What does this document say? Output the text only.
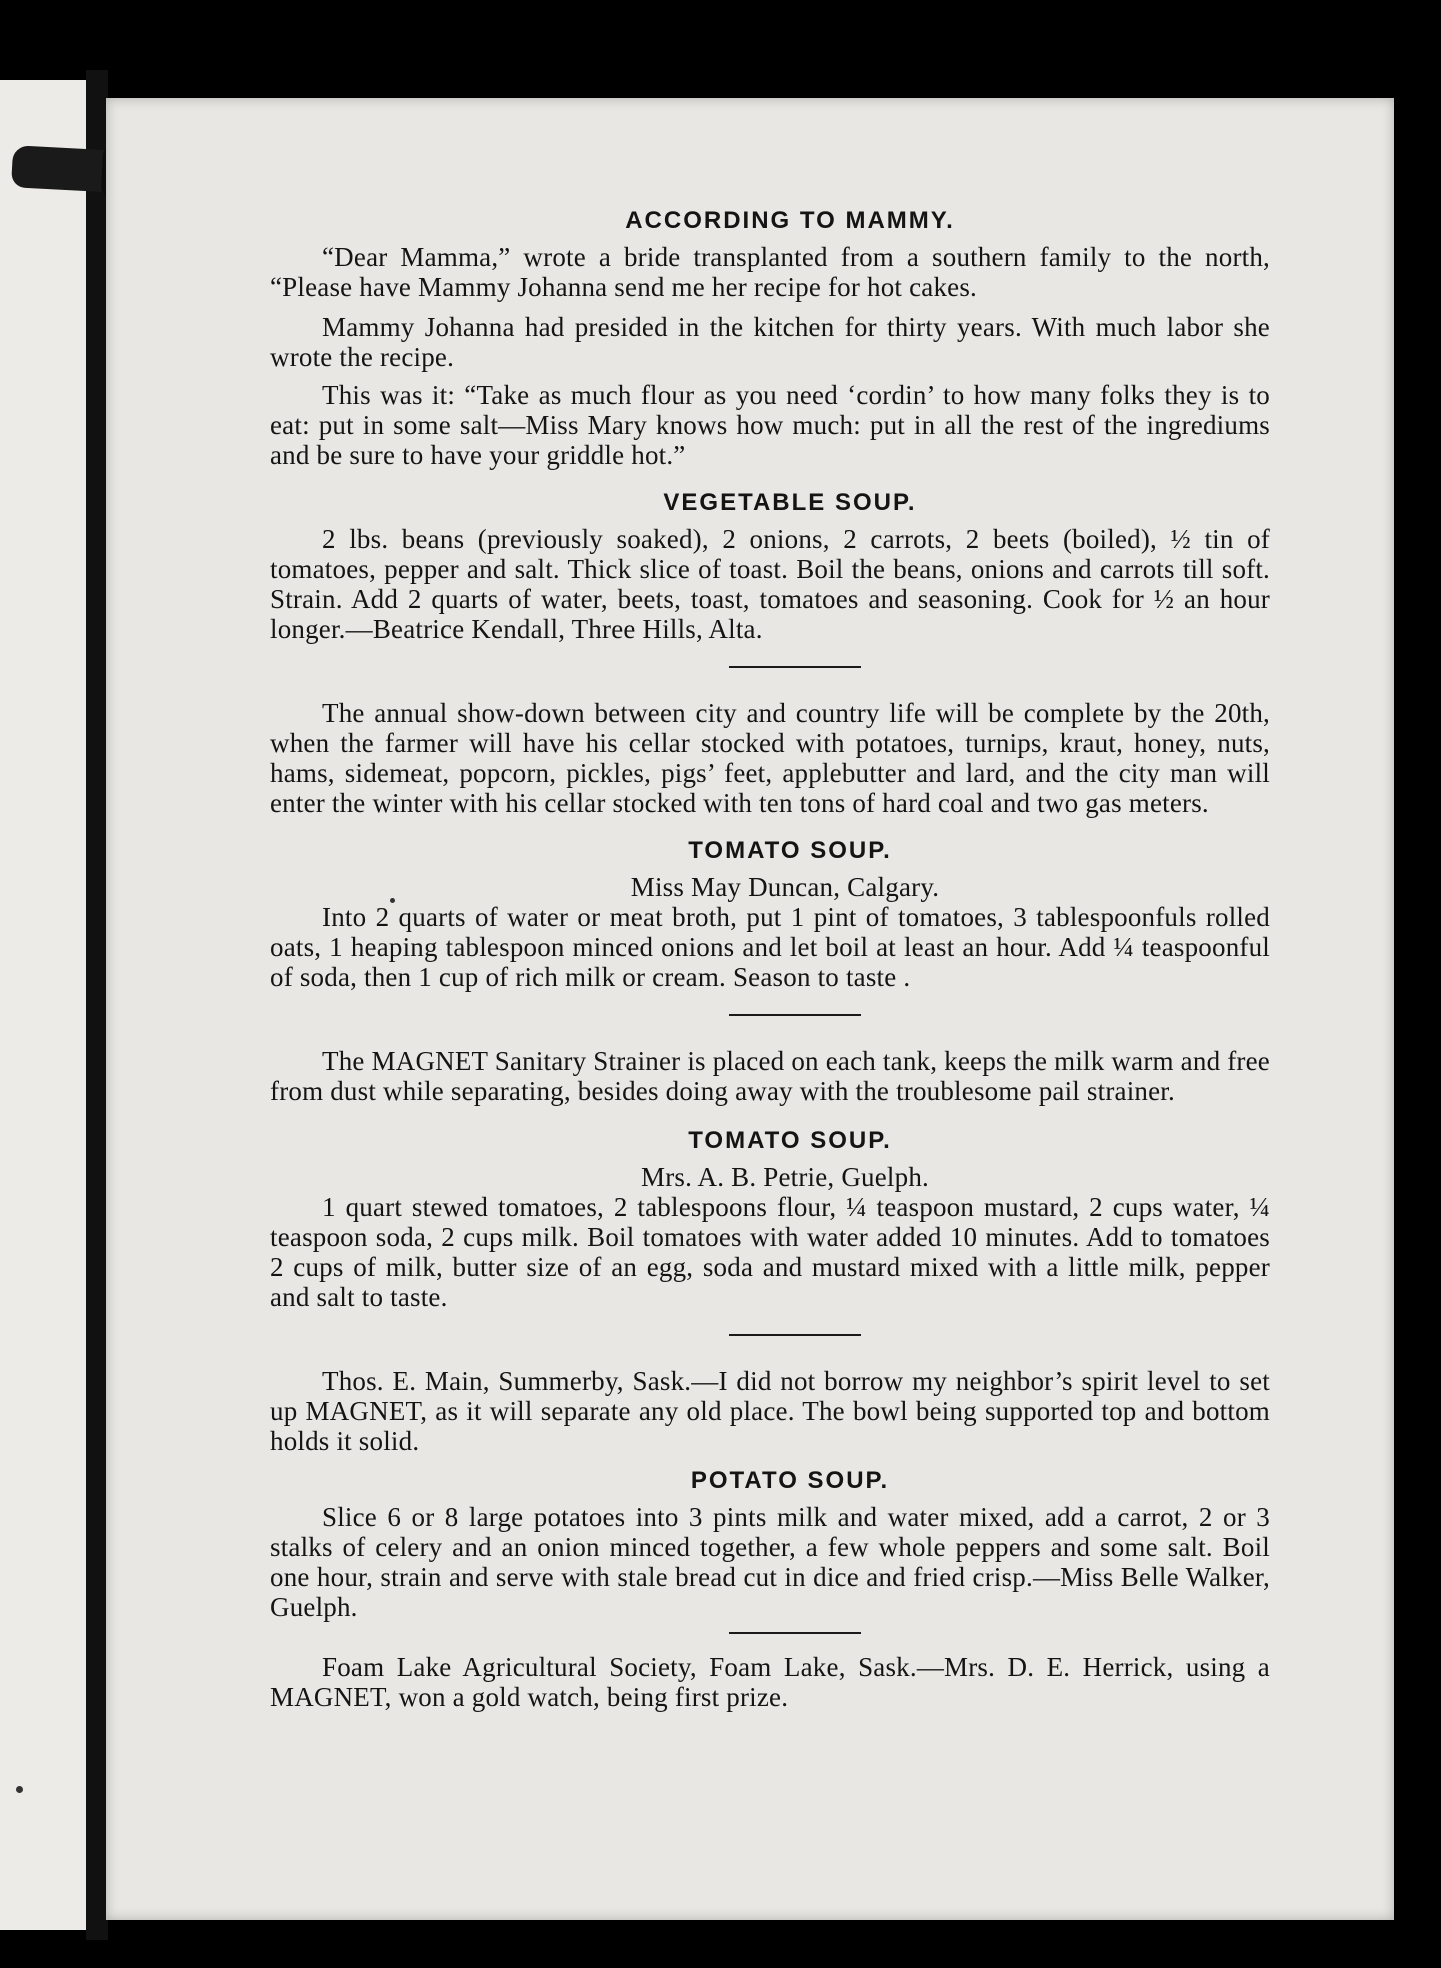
ACCORDING TO MAMMY.

“Dear Mamma,” wrote a bride transplanted from a southern family to the north, “Please have Mammy Johanna send me her recipe for hot cakes.

Mammy Johanna had presided in the kitchen for thirty years. With much labor she wrote the recipe.

This was it: “Take as much flour as you need ‘cordin’ to how many folks they is to eat: put in some salt—Miss Mary knows how much: put in all the rest of the ingrediums and be sure to have your griddle hot.”

VEGETABLE SOUP.

2 lbs. beans (previously soaked), 2 onions, 2 carrots, 2 beets (boiled), ½ tin of tomatoes, pepper and salt. Thick slice of toast. Boil the beans, onions and carrots till soft. Strain. Add 2 quarts of water, beets, toast, tomatoes and seasoning. Cook for ½ an hour longer.—Beatrice Kendall, Three Hills, Alta.

The annual show-down between city and country life will be complete by the 20th, when the farmer will have his cellar stocked with potatoes, turnips, kraut, honey, nuts, hams, sidemeat, popcorn, pickles, pigs’ feet, applebutter and lard, and the city man will enter the winter with his cellar stocked with ten tons of hard coal and two gas meters.

TOMATO SOUP.

Miss May Duncan, Calgary.

Into 2 quarts of water or meat broth, put 1 pint of tomatoes, 3 tablespoonfuls rolled oats, 1 heaping tablespoon minced onions and let boil at least an hour. Add ¼ teaspoonful of soda, then 1 cup of rich milk or cream. Season to taste .

The MAGNET Sanitary Strainer is placed on each tank, keeps the milk warm and free from dust while separating, besides doing away with the troublesome pail strainer.

TOMATO SOUP.

Mrs. A. B. Petrie, Guelph.

1 quart stewed tomatoes, 2 tablespoons flour, ¼ teaspoon mustard, 2 cups water, ¼ teaspoon soda, 2 cups milk. Boil tomatoes with water added 10 minutes. Add to tomatoes 2 cups of milk, butter size of an egg, soda and mustard mixed with a little milk, pepper and salt to taste.

Thos. E. Main, Summerby, Sask.—I did not borrow my neighbor’s spirit level to set up MAGNET, as it will separate any old place. The bowl being supported top and bottom holds it solid.

POTATO SOUP.

Slice 6 or 8 large potatoes into 3 pints milk and water mixed, add a carrot, 2 or 3 stalks of celery and an onion minced together, a few whole peppers and some salt. Boil one hour, strain and serve with stale bread cut in dice and fried crisp.—Miss Belle Walker, Guelph.

Foam Lake Agricultural Society, Foam Lake, Sask.—Mrs. D. E. Herrick, using a MAGNET, won a gold watch, being first prize.
